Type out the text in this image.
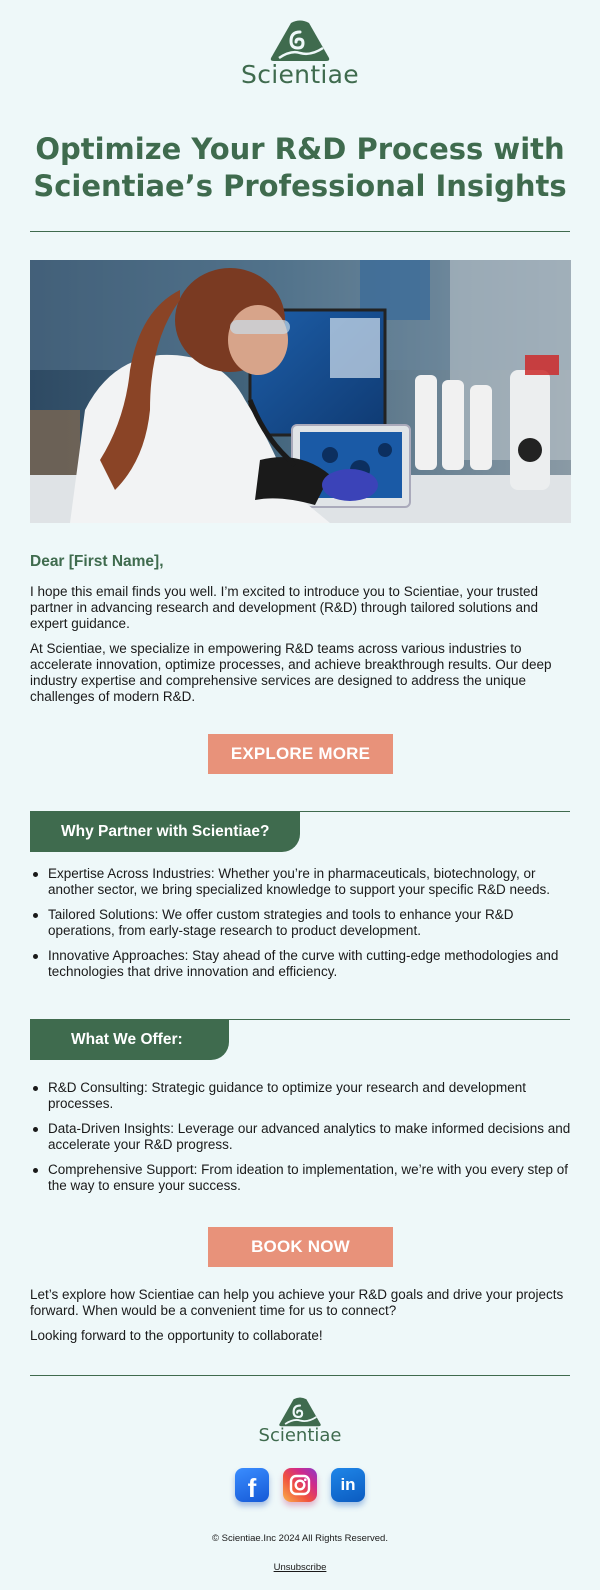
Scientiae
Optimize Your R&D Process with
Scientiae’s Professional Insights
Dear [First Name],

I hope this email finds you well. I’m excited to introduce you to Scientiae, your trusted partner in advancing research and development (R&D) through tailored solutions and expert guidance.

At Scientiae, we specialize in empowering R&D teams across various industries to accelerate innovation, optimize processes, and achieve breakthrough results. Our deep industry expertise and comprehensive services are designed to address the unique challenges of modern R&D.

EXPLORE MORE
Why Partner with Scientiae?
Expertise Across Industries: Whether you’re in pharmaceuticals, biotechnology, or another sector, we bring specialized knowledge to support your specific R&D needs.
Tailored Solutions: We offer custom strategies and tools to enhance your R&D operations, from early-stage research to product development.
Innovative Approaches: Stay ahead of the curve with cutting-edge methodologies and technologies that drive innovation and efficiency.
What We Offer:
R&D Consulting: Strategic guidance to optimize your research and development processes.
Data-Driven Insights: Leverage our advanced analytics to make informed decisions and accelerate your R&D progress.
Comprehensive Support: From ideation to implementation, we’re with you every step of the way to ensure your success.
BOOK NOW

Let’s explore how Scientiae can help you achieve your R&D goals and drive your projects forward. When would be a convenient time for us to connect?

Looking forward to the opportunity to collaborate!

Scientiae
f	in
© Scientiae.Inc 2024 All Rights Reserved.
Unsubscribe
